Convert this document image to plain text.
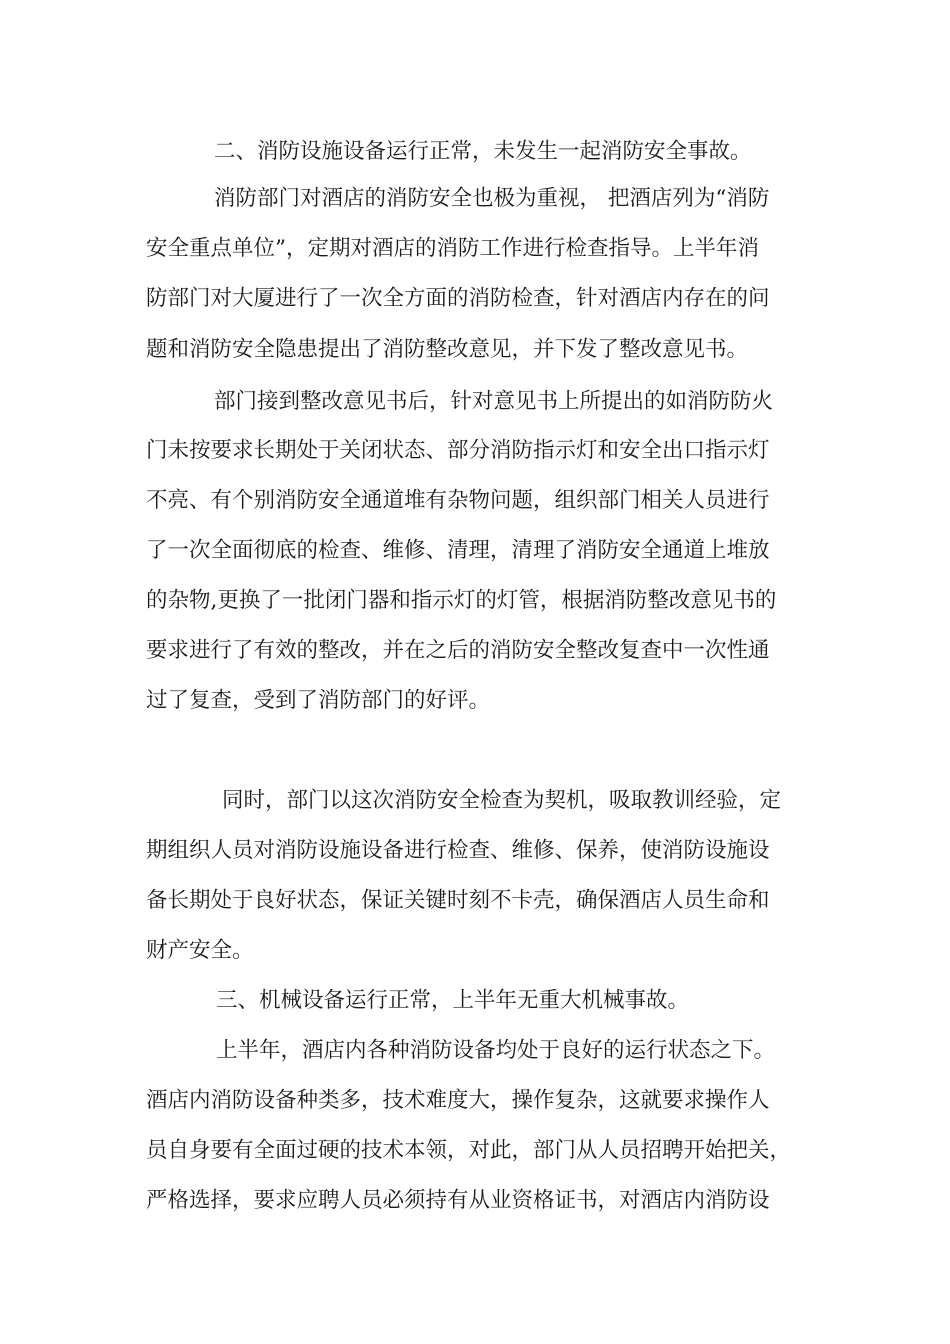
二、消防设施设备运行正常，未发生一起消防安全事故。
消防部门对酒店的消防安全也极为重视， 把酒店列为“消防
安全重点单位”，定期对酒店的消防工作进行检查指导。上半年消
防部门对大厦进行了一次全方面的消防检查，针对酒店内存在的问
题和消防安全隐患提出了消防整改意见，并下发了整改意见书。
部门接到整改意见书后，针对意见书上所提出的如消防防火
门未按要求长期处于关闭状态、部分消防指示灯和安全出口指示灯
不亮、有个别消防安全通道堆有杂物问题，组织部门相关人员进行
了一次全面彻底的检查、维修、清理，清理了消防安全通道上堆放
的杂物,更换了一批闭门器和指示灯的灯管，根据消防整改意见书的
要求进行了有效的整改，并在之后的消防安全整改复查中一次性通
过了复查，受到了消防部门的好评。
同时，部门以这次消防安全检查为契机，吸取教训经验，定
期组织人员对消防设施设备进行检查、维修、保养，使消防设施设
备长期处于良好状态，保证关键时刻不卡壳，确保酒店人员生命和
财产安全。
三、机械设备运行正常，上半年无重大机械事故。
上半年，酒店内各种消防设备均处于良好的运行状态之下。
酒店内消防设备种类多，技术难度大，操作复杂，这就要求操作人
员自身要有全面过硬的技术本领，对此，部门从人员招聘开始把关，
严格选择，要求应聘人员必须持有从业资格证书，对酒店内消防设
